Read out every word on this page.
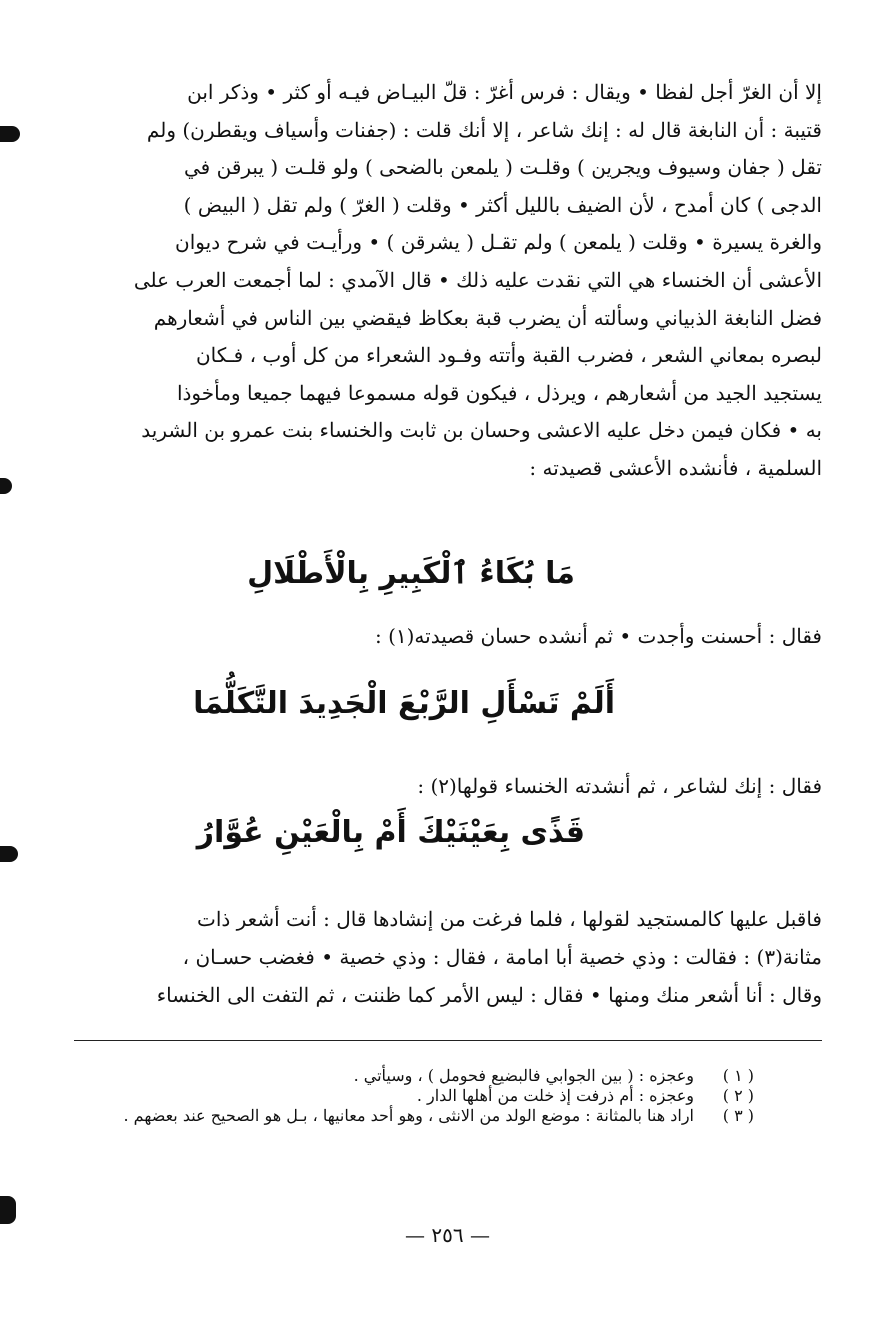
إلا أن الغرّ أجل لفظا • ويقال : فرس أغرّ : قلّ البيـاض فيـه أو كثر • وذكر ابن
قتيبة : أن النابغة قال له : إنك شاعر ، إلا أنك قلت : (جفنات وأسياف ويقطرن) ولم
تقل ( جفان وسيوف ويجرين ) وقلـت ( يلمعن بالضحى ) ولو قلـت ( يبرقن في
الدجى ) كان أمدح ، لأن الضيف بالليل أكثر • وقلت ( الغرّ ) ولم تقل ( البيض )
والغرة يسيرة • وقلت ( يلمعن ) ولم تقـل ( يشرقن ) • ورأيـت في شرح ديوان
الأعشى أن الخنساء هي التي نقدت عليه ذلك • قال الآمدي : لما أجمعت العرب على
فضل النابغة الذبياني وسألته أن يضرب قبة بعكاظ فيقضي بين الناس في أشعارهم
لبصره بمعاني الشعر ، فضرب القبة وأتته وفـود الشعراء من كل أوب ، فـكان
يستجيد الجيد من أشعارهم ، ويرذل ، فيكون قوله مسموعا فيهما جميعا ومأخوذا
به • فكان فيمن دخل عليه الاعشى وحسان بن ثابت والخنساء بنت عمرو بن الشريد
السلمية ، فأنشده الأعشى قصيدته :
مَا بُكَاءُ ٱلْكَبِيرِ بِالْأَطْلَالِ
فقال : أحسنت وأجدت • ثم أنشده حسان قصيدته(١) :
أَلَمْ تَسْأَلِ الرَّبْعَ الْجَدِيدَ التَّكَلُّمَا
فقال : إنك لشاعر ، ثم أنشدته الخنساء قولها(٢) :
قَذًى بِعَيْنَيْكَ أَمْ بِالْعَيْنِ عُوَّارُ
فاقبل عليها كالمستجيد لقولها ، فلما فرغت من إنشادها قال : أنت أشعر ذات
مثانة(٣) : فقالت : وذي خصية أبا امامة ، فقال : وذي خصية • فغضب حسـان ،
وقال : أنا أشعر منك ومنها • فقال : ليس الأمر كما ظننت ، ثم التفت الى الخنساء
( ١ )
وعجزه : ( بين الجوابي فالبضيع فحومل ) ، وسيأتي .
( ٢ )
وعجزه : أم ذرفت إذ خلت من أهلها الدار .
( ٣ )
اراد هنا بالمثانة : موضع الولد من الانثى ، وهو أحد معانيها ، بـل هو الصحيح عند بعضهم .
— ٢٥٦ —
